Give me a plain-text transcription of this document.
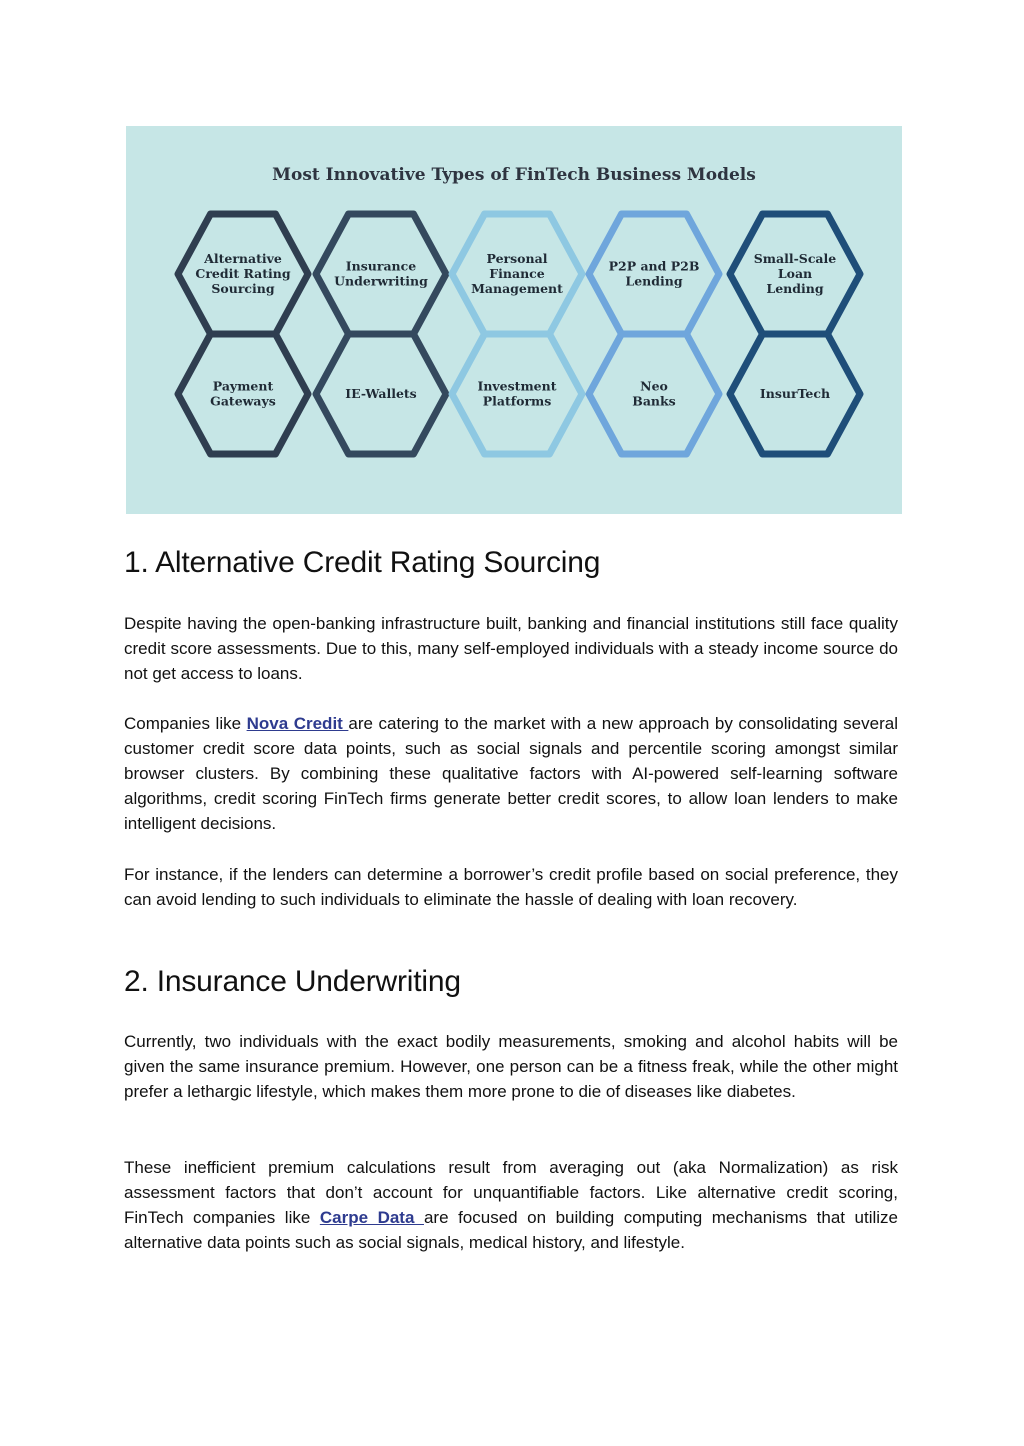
Most Innovative Types of FinTech Business Models
Alternative
Credit Rating
Sourcing
Insurance
Underwriting
Personal
Finance
Management
P2P and P2B
Lending
Small-Scale
Loan
Lending
Payment
Gateways	IE-Wallets	Investment
Platforms
Neo
Banks	InsurTech
1. Alternative Credit Rating Sourcing

Despite having the open-banking infrastructure built, banking and financial institutions still face quality credit score assessments. Due to this, many self-employed individuals with a steady income source do not get access to loans.

Companies like Nova Credit are catering to the market with a new approach by consolidating several customer credit score data points, such as social signals and percentile scoring amongst similar browser clusters. By combining these qualitative factors with AI-powered self-learning software algorithms, credit scoring FinTech firms generate better credit scores, to allow loan lenders to make intelligent decisions.

For instance, if the lenders can determine a borrower’s credit profile based on social preference, they can avoid lending to such individuals to eliminate the hassle of dealing with loan recovery.

2. Insurance Underwriting

Currently, two individuals with the exact bodily measurements, smoking and alcohol habits will be given the same insurance premium. However, one person can be a fitness freak, while the other might prefer a lethargic lifestyle, which makes them more prone to die of diseases like diabetes.

These inefficient premium calculations result from averaging out (aka Normalization) as risk assessment factors that don’t account for unquantifiable factors. Like alternative credit scoring, FinTech companies like Carpe Data are focused on building computing mechanisms that utilize alternative data points such as social signals, medical history, and lifestyle.
